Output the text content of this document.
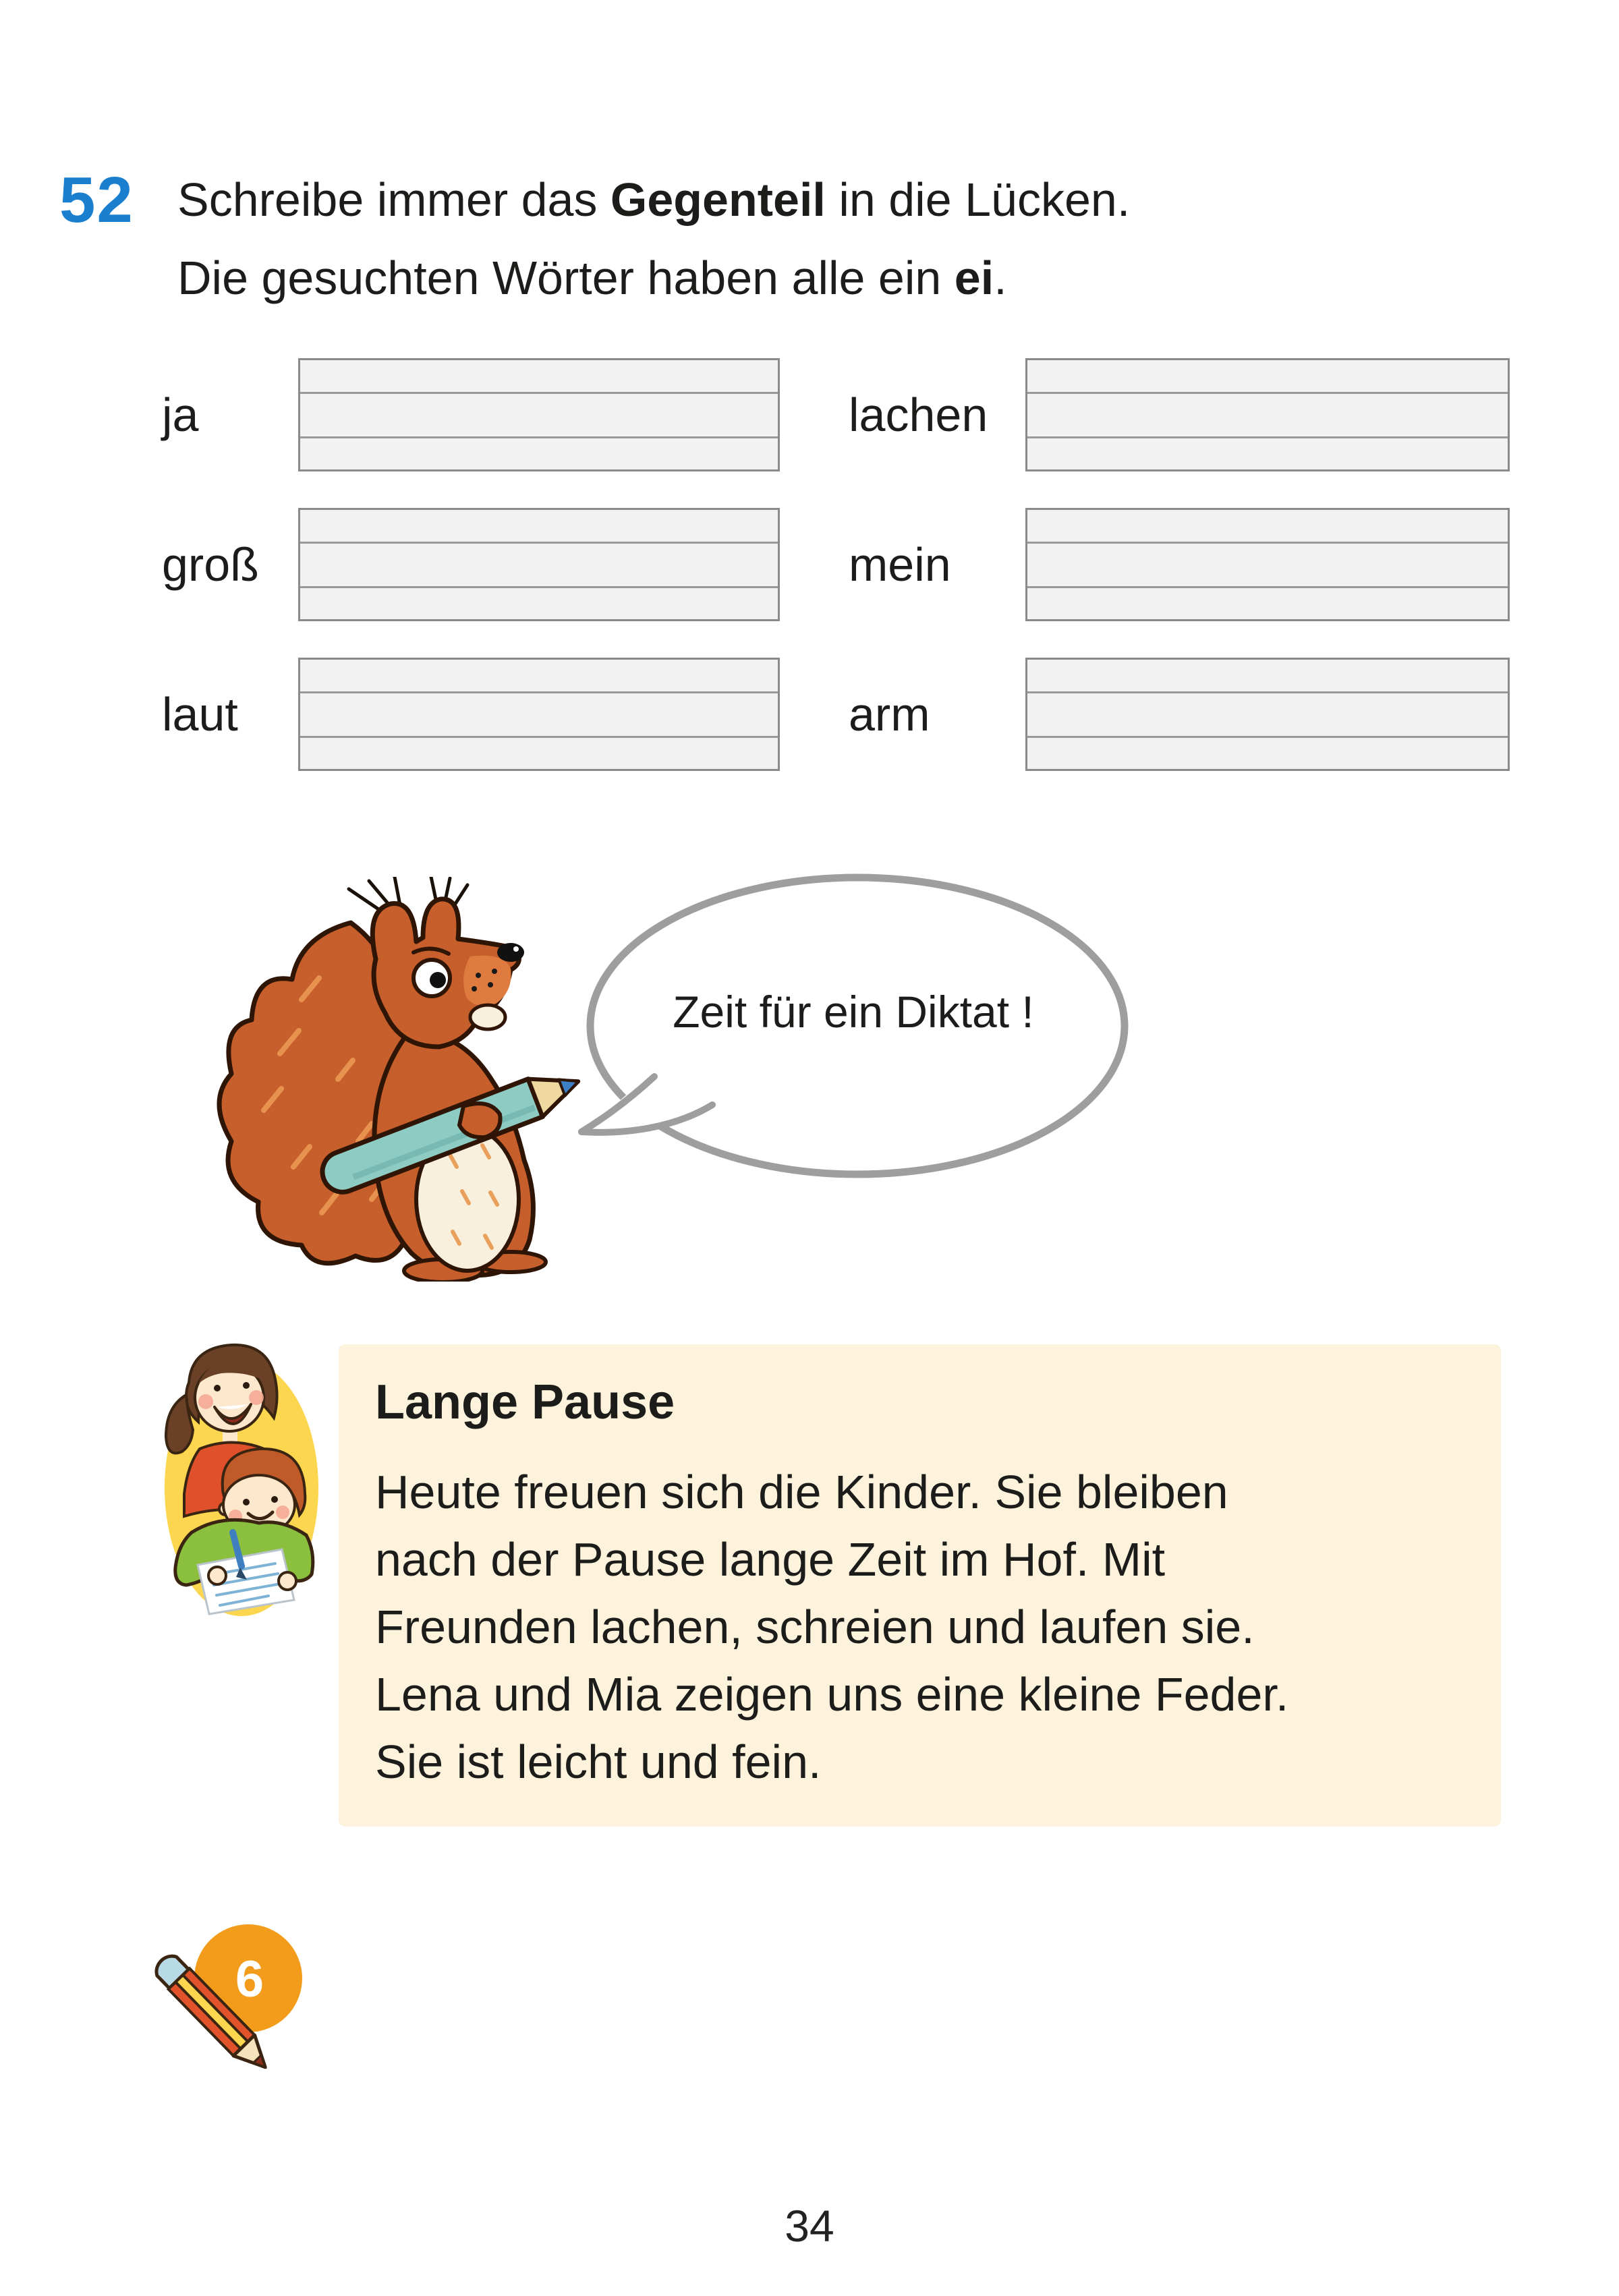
52 Schreibe immer das Gegenteil in die Lücken.
Die gesuchten Wörter haben alle ein ei.
ja	lachen
groß	mein
laut	arm
Zeit für ein Diktat !
Lange Pause
Heute freuen sich die Kinder. Sie bleiben
nach der Pause lange Zeit im Hof. Mit
Freunden lachen, schreien und laufen sie.
Lena und Mia zeigen uns eine kleine Feder.
Sie ist leicht und fein.
6
34
